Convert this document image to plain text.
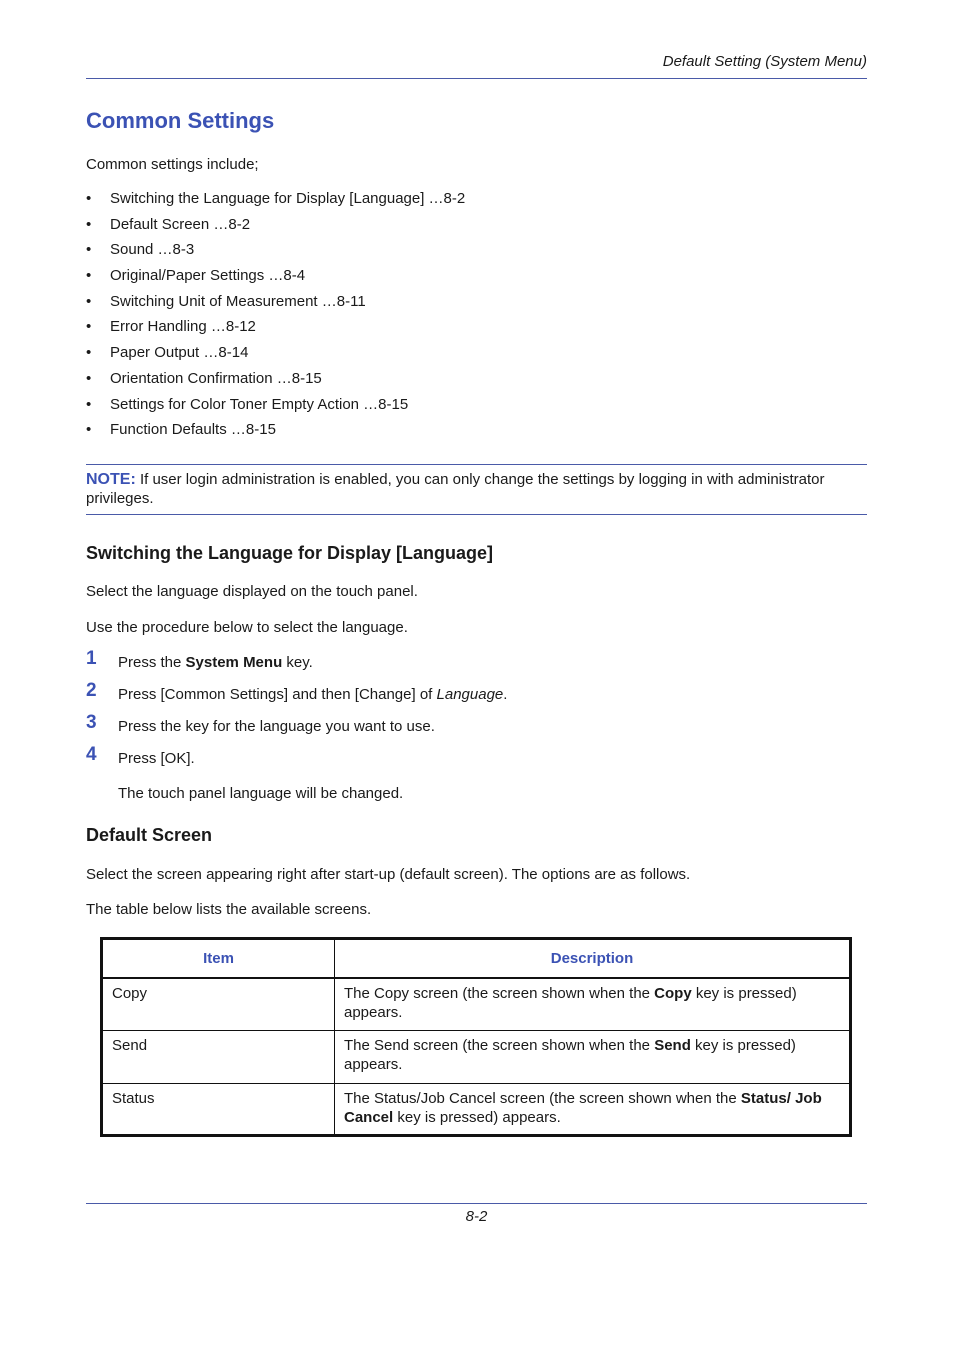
Default Setting (System Menu)
Common Settings

Common settings include;

• Switching the Language for Display [Language] …8-2
• Default Screen …8-2
• Sound …8-3
• Original/Paper Settings …8-4
• Switching Unit of Measurement …8-11
• Error Handling …8-12
• Paper Output …8-14
• Orientation Confirmation …8-15
• Settings for Color Toner Empty Action …8-15
• Function Defaults …8-15
NOTE: If user login administration is enabled, you can only change the settings by logging in with administrator privileges.
Switching the Language for Display [Language]

Select the language displayed on the touch panel.

Use the procedure below to select the language.

1	Press the System Menu key.
2	Press [Common Settings] and then [Change] of Language.
3	Press the key for the language you want to use.
4	Press [OK].

The touch panel language will be changed.

Default Screen

Select the screen appearing right after start-up (default screen). The options are as follows.

The table below lists the available screens.

Item	Description
Copy	The Copy screen (the screen shown when the Copy key is pressed) appears.
Send	The Send screen (the screen shown when the Send key is pressed) appears.
Status	The Status/Job Cancel screen (the screen shown when the Status/ Job Cancel key is pressed) appears.
8-2
